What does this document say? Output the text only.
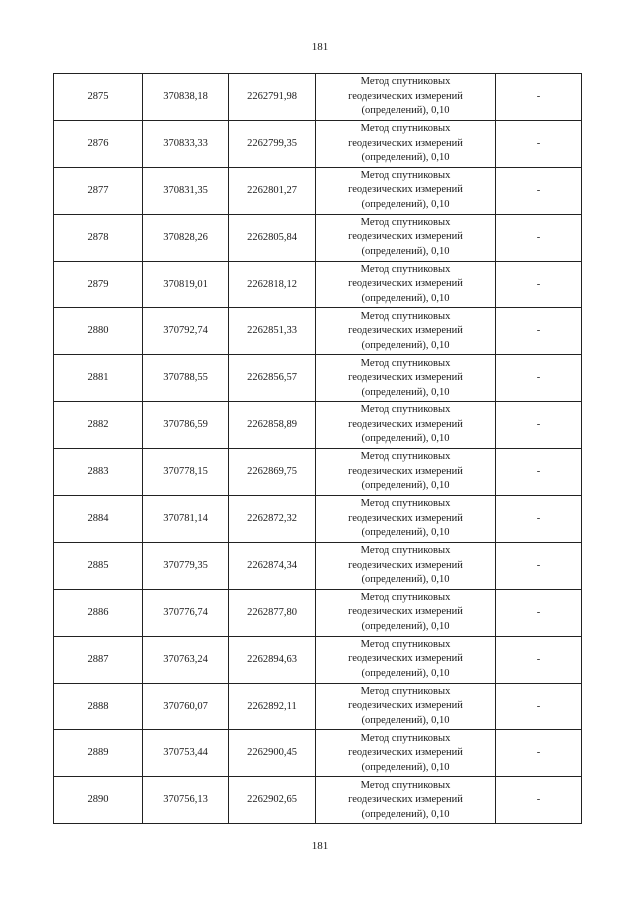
181
2875	370838,18	2262791,98	Метод спутниковых
геодезических измерений
(определений), 0,10	-
2876	370833,33	2262799,35	Метод спутниковых
геодезических измерений
(определений), 0,10	-
2877	370831,35	2262801,27	Метод спутниковых
геодезических измерений
(определений), 0,10	-
2878	370828,26	2262805,84	Метод спутниковых
геодезических измерений
(определений), 0,10	-
2879	370819,01	2262818,12	Метод спутниковых
геодезических измерений
(определений), 0,10	-
2880	370792,74	2262851,33	Метод спутниковых
геодезических измерений
(определений), 0,10	-
2881	370788,55	2262856,57	Метод спутниковых
геодезических измерений
(определений), 0,10	-
2882	370786,59	2262858,89	Метод спутниковых
геодезических измерений
(определений), 0,10	-
2883	370778,15	2262869,75	Метод спутниковых
геодезических измерений
(определений), 0,10	-
2884	370781,14	2262872,32	Метод спутниковых
геодезических измерений
(определений), 0,10	-
2885	370779,35	2262874,34	Метод спутниковых
геодезических измерений
(определений), 0,10	-
2886	370776,74	2262877,80	Метод спутниковых
геодезических измерений
(определений), 0,10	-
2887	370763,24	2262894,63	Метод спутниковых
геодезических измерений
(определений), 0,10	-
2888	370760,07	2262892,11	Метод спутниковых
геодезических измерений
(определений), 0,10	-
2889	370753,44	2262900,45	Метод спутниковых
геодезических измерений
(определений), 0,10	-
2890	370756,13	2262902,65	Метод спутниковых
геодезических измерений
(определений), 0,10	-
181
